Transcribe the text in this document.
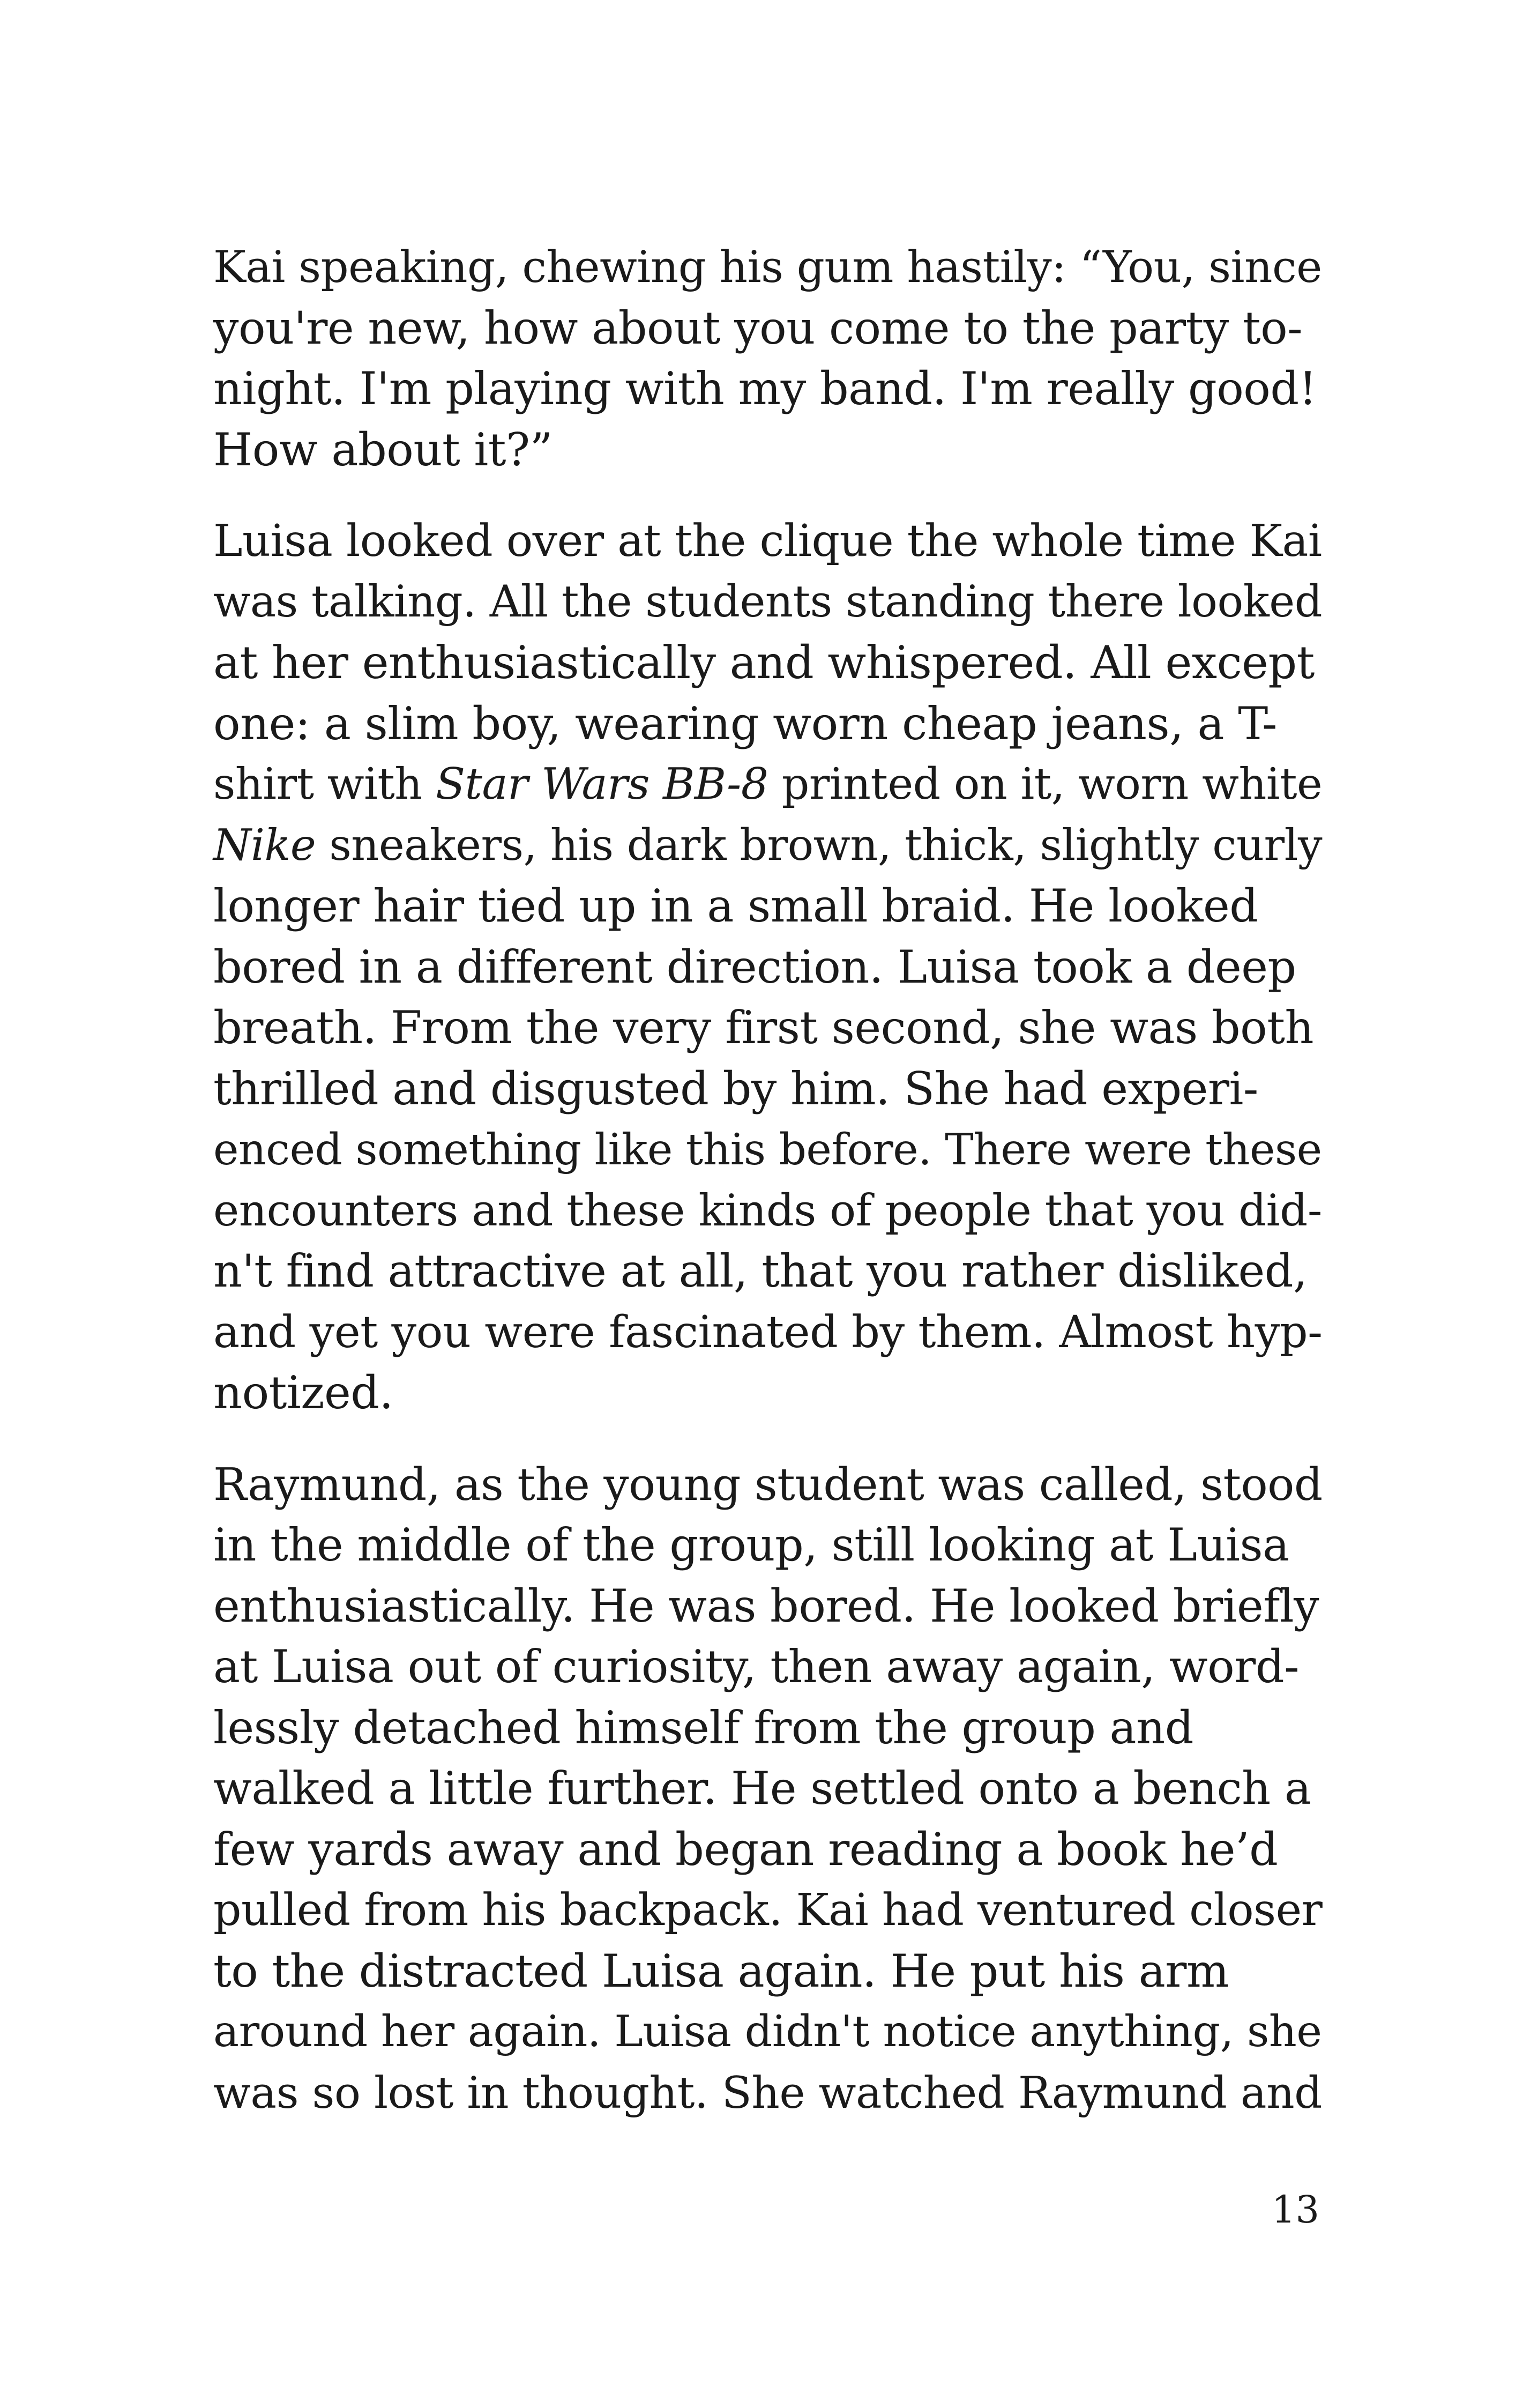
Kai speaking, chewing his gum hastily: “You, since
you're new, how about you come to the party to-
night. I'm playing with my band. I'm really good!
How about it?”
Luisa looked over at the clique the whole time Kai
was talking. All the students standing there looked
at her enthusiastically and whispered. All except
one: a slim boy, wearing worn cheap jeans, a T-
shirt with Star Wars BB-8 printed on it, worn white
Nike sneakers, his dark brown, thick, slightly curly
longer hair tied up in a small braid. He looked
bored in a different direction. Luisa took a deep
breath. From the very first second, she was both
thrilled and disgusted by him. She had experi-
enced something like this before. There were these
encounters and these kinds of people that you did-
n't find attractive at all, that you rather disliked,
and yet you were fascinated by them. Almost hyp-
notized.
Raymund, as the young student was called, stood
in the middle of the group, still looking at Luisa
enthusiastically. He was bored. He looked briefly
at Luisa out of curiosity, then away again, word-
lessly detached himself from the group and
walked a little further. He settled onto a bench a
few yards away and began reading a book he’d
pulled from his backpack. Kai had ventured closer
to the distracted Luisa again. He put his arm
around her again. Luisa didn't notice anything, she
was so lost in thought. She watched Raymund and
13
